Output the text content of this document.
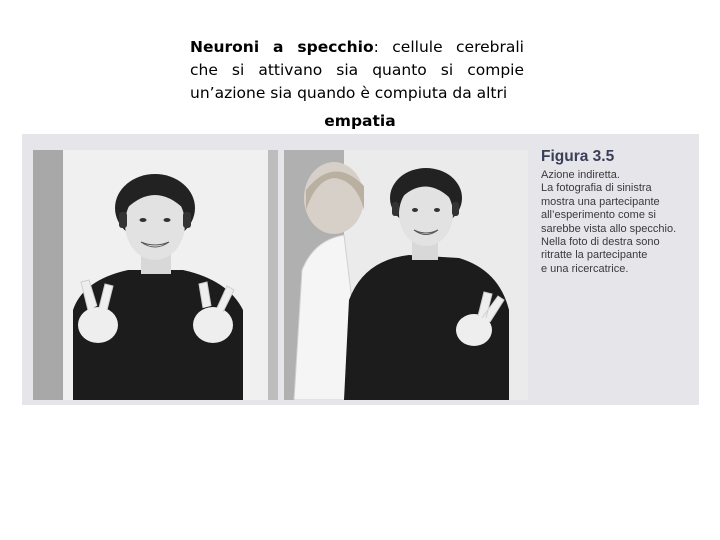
Neuroni a specchio: cellule cerebrali
che si attivano sia quanto si compie
un’azione sia quando è compiuta da altri
empatia
Figura 3.5
Azione indiretta.
La fotografia di sinistra
mostra una partecipante
all’esperimento come si
sarebbe vista allo specchio.
Nella foto di destra sono
ritratte la partecipante
e una ricercatrice.
